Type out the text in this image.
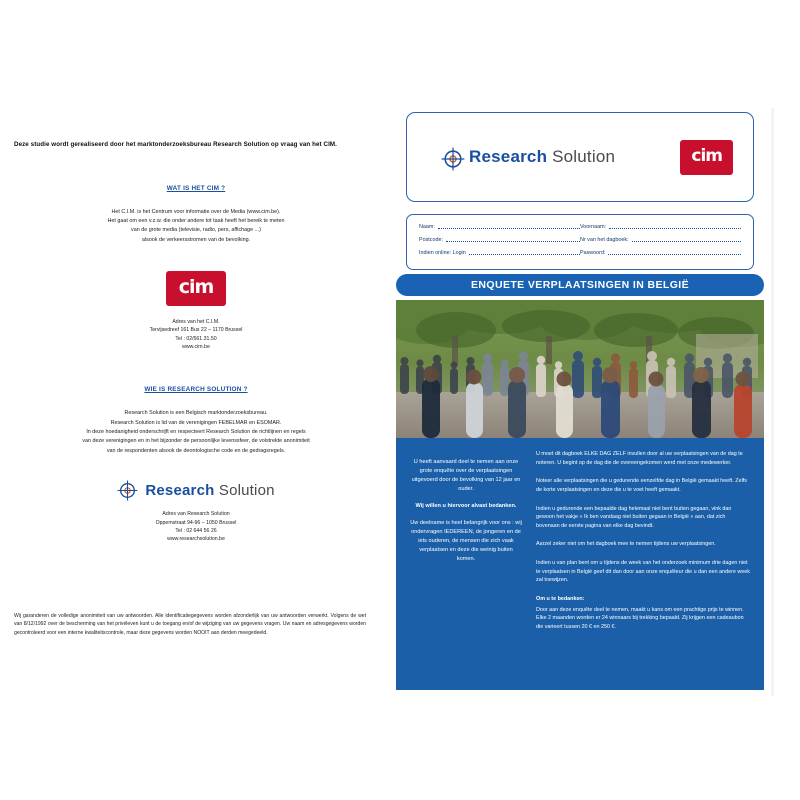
Deze studie wordt gerealiseerd door het marktonderzoeksbureau Research Solution op vraag van het CIM.
WAT IS HET CIM ?

Het C.I.M. is het Centrum voor informatie over de Media (www.cim.be).

Het gaat om een v.z.w. die onder andere tot taak heeft het bereik te meten

van de grote media (televisie, radio, pers, affichage ...)

alsook de verkeersstromen van de bevolking.

cim

Adres van het C.I.M.

Tervijsedreef 161 Bus 22 – 1170 Brussel

Tel : 02/561.31.50

www.cim.be

WIE IS RESEARCH SOLUTION ?

Research Solution is een Belgisch marktonderzoeksbureau.

Research Solution is lid van de verenigingen FEBELMAR en ESOMAR.

In deze hoedanigheid onderschrijft en respecteert Research Solution de richtlijnen en regels

van deze verenigingen en in het bijzonder de persoonlijke levenssfeer, de volstrekte anonimiteit

van de respondenten alsook de deontologische code en de gedragsregels.

Research Solution

Adres van Research Solution

Oppemstraat 94-96 – 1050 Brussel

Tel : 02 644 56 26

www.researchsolution.be

Wij garanderen de volledige anonimiteit van uw antwoorden. Alle identificatiegegevens worden afzonderlijk van uw antwoorden verwerkt. Volgens de wet van 8/12/1992 over de bescherming van het privéleven kunt u de toegang en/of de wijziging van uw gegevens vragen. Uw naam en adresgegevens worden gecontroleerd voor een interne kwaliteitscontrole, maar deze gegevens worden NOOIT aan derden meegedeeld.
Research Solution	cim
Naam:	Voornaam:
Postcode:	Nr van het dagboek:
Indien online: Login	Paswoord:
ENQUETE VERPLAATSINGEN IN BELGIË

U heeft aanvaard deel te nemen aan onze grote enquête over de verplaatsingen uitgevoerd door de bevolking van 12 jaar en ouder.

Wij willen u hiervoor alvast bedanken.

Uw deelname is heel belangrijk voor ons : wij ondervragen IEDEREEN, de jongeren en de iets ouderen, de mensen die zich vaak verplaatsen en deze die weinig buiten komen.

U moet dit dagboek ELKE DAG ZELF invullen door al uw verplaatsingen van de dag te noteren. U begint op de dag die de overeengekomen werd met onze medewerker.

Noteer alle verplaatsingen die u gedurende eenzelfde dag in België gemaakt heeft. Zelfs de korte verplaatsingen en deze die u te voet heeft gemaakt.

Indien u gedurende een bepaalde dag helemaal niet bent buiten gegaan, vink dan gewoon het vakje « Ik ben vandaag niet buiten gegaan in België » aan, dat zich bovenaan de eerste pagina van elke dag bevindt.

Aarzel zeker niet om het dagboek mee te nemen tijdens uw verplaatsingen.

Indien u van plan bent om u tijdens de week van het onderzoek minimum drie dagen niet te verplaatsen in België geef dit dan door aan onze enquêteur die u dan een andere week zal toewijzen.

Om u te bedanken:

Door aan deze enquête deel te nemen, maakt u kans om een prachtige prijs te winnen. Elke 2 maanden worden er 24 winnaars bij trekking bepaald. Zij krijgen een cadeaubon die varieert tussen 20 € en 250 €.
